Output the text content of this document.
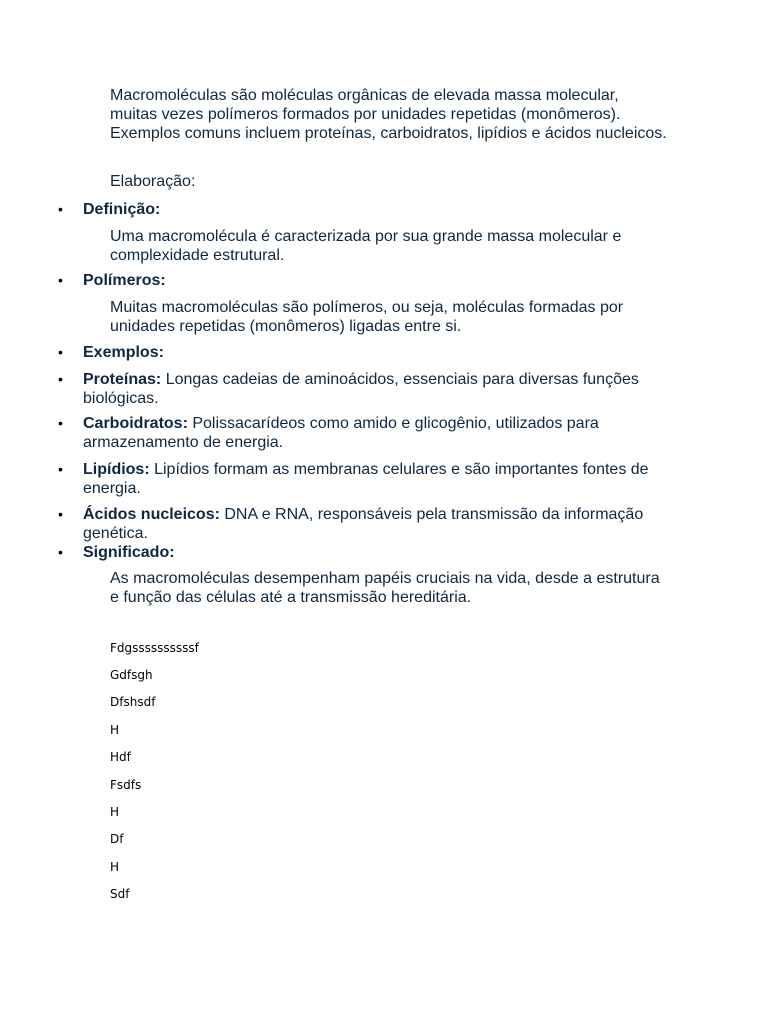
Macromoléculas são moléculas orgânicas de elevada massa molecular, muitas vezes polímeros formados por unidades repetidas (monômeros). Exemplos comuns incluem proteínas, carboidratos, lipídios e ácidos nucleicos.

Elaboração:

• Definição:

Uma macromolécula é caracterizada por sua grande massa molecular e complexidade estrutural.

• Polímeros:

Muitas macromoléculas são polímeros, ou seja, moléculas formadas por unidades repetidas (monômeros) ligadas entre si.

• Exemplos:
• Proteínas: Longas cadeias de aminoácidos, essenciais para diversas funções biológicas.
• Carboidratos: Polissacarídeos como amido e glicogênio, utilizados para armazenamento de energia.
• Lipídios: Lipídios formam as membranas celulares e são importantes fontes de energia.
• Ácidos nucleicos: DNA e RNA, responsáveis pela transmissão da informação genética.
• Significado:

As macromoléculas desempenham papéis cruciais na vida, desde a estrutura e função das células até a transmissão hereditária.

Fdgssssssssssf
Gdfsgh
Dfshsdf
H
Hdf
Fsdfs
H
Df
H
Sdf
